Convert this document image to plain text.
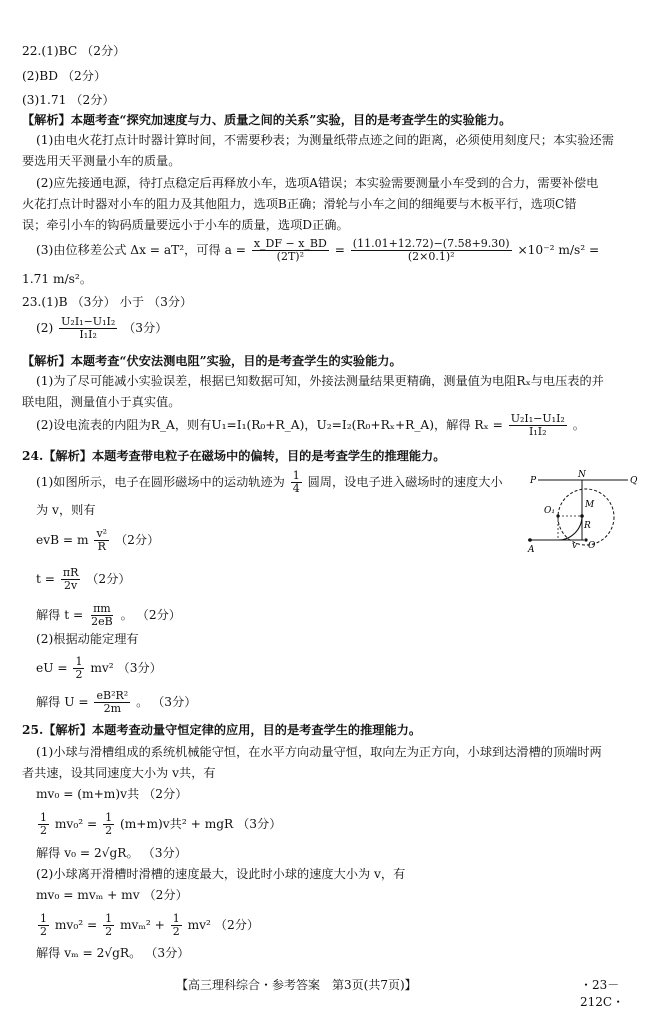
22.(1)BC （2分）
(2)BD （2分）
(3)1.71 （2分）
【解析】本题考查“探究加速度与力、质量之间的关系”实验，目的是考查学生的实验能力。
(1)由电火花打点计时器计算时间，不需要秒表；为测量纸带点迹之间的距离，必须使用刻度尺；本实验还需
要选用天平测量小车的质量。
(2)应先接通电源，待打点稳定后再释放小车，选项A错误；本实验需要测量小车受到的合力，需要补偿电
火花打点计时器对小车的阻力及其他阻力，选项B正确；滑轮与小车之间的细绳要与木板平行，选项C错
误；牵引小车的钩码质量要远小于小车的质量，选项D正确。
(3)由位移差公式 Δx = aT²，可得 $a = \frac{x\_DF - x\_BD}{\text{(2T)²}} = \frac{(11.01+12.72)-(7.58+9.30)}{\text{(2×0.1)²}} \times 10^{-2}$ m/s² =
1.71 m/s²。
23.(1)B （3分） 小于 （3分）
$(2) \frac{\text{U₂I₁−U₁I₂}}{\text{I₁I₂}} (3$分）
【解析】本题考查“伏安法测电阻”实验，目的是考查学生的实验能力。
(1)为了尽可能减小实验误差，根据已知数据可知，外接法测量结果更精确，测量值为电阻Rₓ与电压表的并
联电阻，测量值小于真实值。
(2)设电流表的内阻为R_A，则有U₁=I₁(R₀+R_A)，U₂=I₂(R₀+Rₓ+R_A)，解得 $R_x = \frac{\text{U₂I₁−U₁I₂}}{\text{I₁I₂}}$ 。
24.【解析】本题考查带电粒子在磁场中的偏转，目的是考查学生的推理能力。
(1)如图所示，电子在圆形磁场中的运动轨迹为 $\frac{1}{4}$ 圆周，设电子进入磁场时的速度大小
为 v，则有
evB = m $\frac{\text{v²}}{R} (2$分）
$t = \frac{\pi R}{2v} (2$分）
解得 $t = \frac{\pi m}{2eB}$ 。 （2分）
(2)根据动能定理有
eU = $\frac{1}{2} mv^2$ （3分）
解得 $U = \frac{\text{eB²R²}}{2m}$ 。 （3分）
P
N
Q
M
O₁
R
A	v O
25.【解析】本题考查动量守恒定律的应用，目的是考查学生的推理能力。
(1)小球与滑槽组成的系统机械能守恒，在水平方向动量守恒，取向左为正方向，小球到达滑槽的顶端时两
者共速，设其同速度大小为 v共，有
mv₀ = (m+m)v共 （2分）
$\frac{1}{2} mv_0^2 = \frac{1}{2} (m+m)v$共² + mgR （3分）
解得 v₀ = 2√gR。 （3分）
(2)小球离开滑槽时滑槽的速度最大，设此时小球的速度大小为 v，有
mv₀ = mvₘ + mv （2分）
$\frac{1}{2} mv_0^2 = \frac{1}{2} mv_m^2 + \frac{1}{2} mv^2$ （2分）
解得 vₘ = 2√gR。 （3分）
【高三理科综合・参考答案　第3页(共7页)】	・23－212C・
